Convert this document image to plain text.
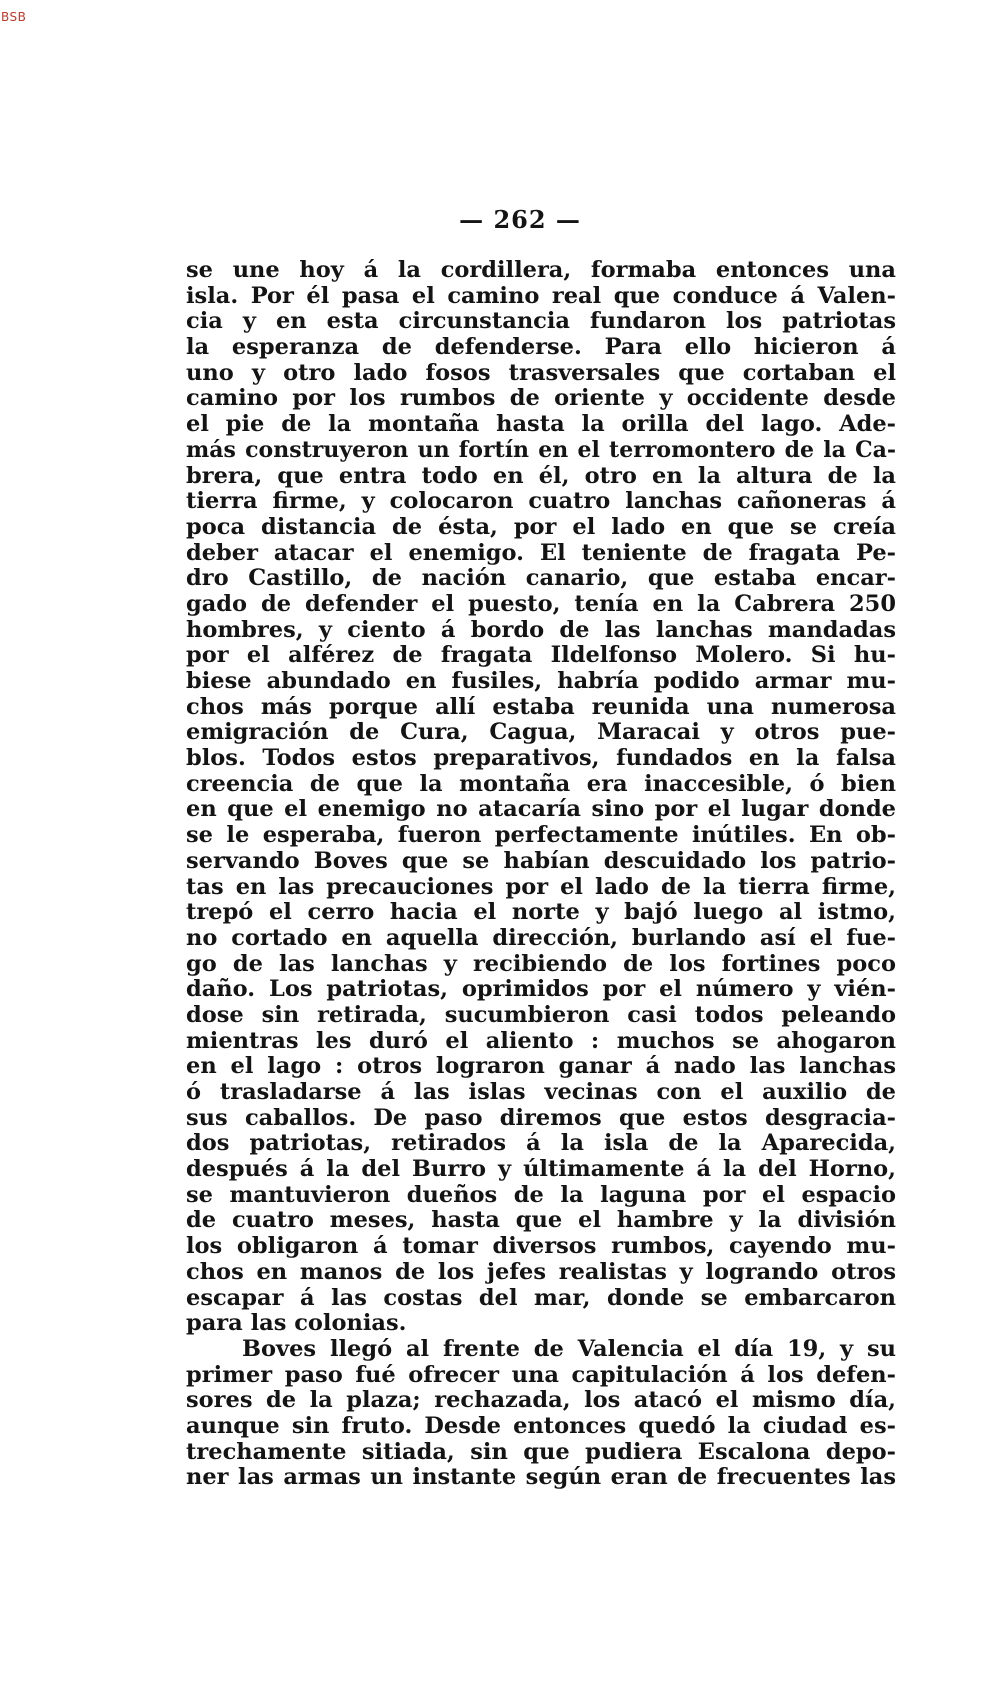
BSB
— 262 —
se une hoy á la cordillera, formaba entonces una
isla. Por él pasa el camino real que conduce á Valen-
cia y en esta circunstancia fundaron los patriotas
la esperanza de defenderse. Para ello hicieron á
uno y otro lado fosos trasversales que cortaban el
camino por los rumbos de oriente y occidente desde
el pie de la montaña hasta la orilla del lago. Ade-
más construyeron un fortín en el terromontero de la Ca-
brera, que entra todo en él, otro en la altura de la
tierra firme, y colocaron cuatro lanchas cañoneras á
poca distancia de ésta, por el lado en que se creía
deber atacar el enemigo. El teniente de fragata Pe-
dro Castillo, de nación canario, que estaba encar-
gado de defender el puesto, tenía en la Cabrera 250
hombres, y ciento á bordo de las lanchas mandadas
por el alférez de fragata Ildelfonso Molero. Si hu-
biese abundado en fusiles, habría podido armar mu-
chos más porque allí estaba reunida una numerosa
emigración de Cura, Cagua, Maracai y otros pue-
blos. Todos estos preparativos, fundados en la falsa
creencia de que la montaña era inaccesible, ó bien
en que el enemigo no atacaría sino por el lugar donde
se le esperaba, fueron perfectamente inútiles. En ob-
servando Boves que se habían descuidado los patrio-
tas en las precauciones por el lado de la tierra firme,
trepó el cerro hacia el norte y bajó luego al istmo,
no cortado en aquella dirección, burlando así el fue-
go de las lanchas y recibiendo de los fortines poco
daño. Los patriotas, oprimidos por el número y vién-
dose sin retirada, sucumbieron casi todos peleando
mientras les duró el aliento : muchos se ahogaron
en el lago : otros lograron ganar á nado las lanchas
ó trasladarse á las islas vecinas con el auxilio de
sus caballos. De paso diremos que estos desgracia-
dos patriotas, retirados á la isla de la Aparecida,
después á la del Burro y últimamente á la del Horno,
se mantuvieron dueños de la laguna por el espacio
de cuatro meses, hasta que el hambre y la división
los obligaron á tomar diversos rumbos, cayendo mu-
chos en manos de los jefes realistas y logrando otros
escapar á las costas del mar, donde se embarcaron
para las colonias.
Boves llegó al frente de Valencia el día 19, y su
primer paso fué ofrecer una capitulación á los defen-
sores de la plaza; rechazada, los atacó el mismo día,
aunque sin fruto. Desde entonces quedó la ciudad es-
trechamente sitiada, sin que pudiera Escalona depo-
ner las armas un instante según eran de frecuentes las
